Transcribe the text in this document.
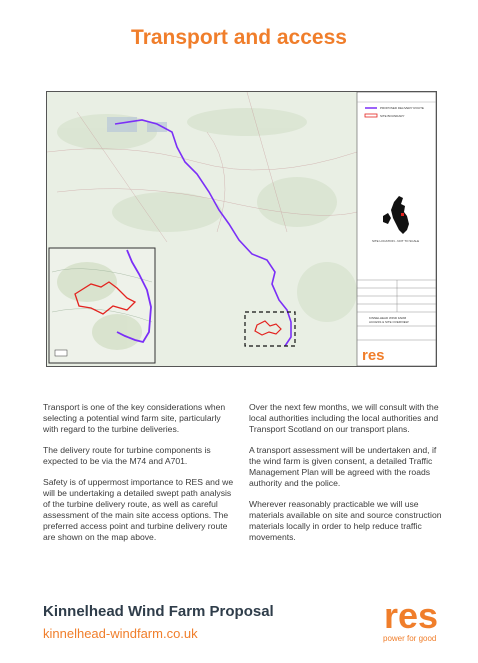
Transport and access
PROPOSED DELIVERY ROUTE
SITE BOUNDARY
SITE LOCATION - NOT TO SCALE
KINNELHEAD WIND FARM
ACCESS & SITE OVERVIEW
res

Transport is one of the key considerations when selecting a potential wind farm site, particularly with regard to the turbine deliveries.

The delivery route for turbine components is expected to be via the M74 and A701.

Safety is of uppermost importance to RES and we will be undertaking a detailed swept path analysis of the turbine delivery route, as well as careful assessment of the main site access options. The preferred access point and turbine delivery route are shown on the map above.

Over the next few months, we will consult with the local authorities including the local authorities and Transport Scotland on our transport plans.

A transport assessment will be undertaken and, if the wind farm is given consent, a detailed Traffic Management Plan will be agreed with the roads authority and the police.

Wherever reasonably practicable we will use materials available on site and source construction materials locally in order to help reduce traffic movements.

Kinnelhead Wind Farm Proposal
kinnelhead-windfarm.co.uk	res
power for good
